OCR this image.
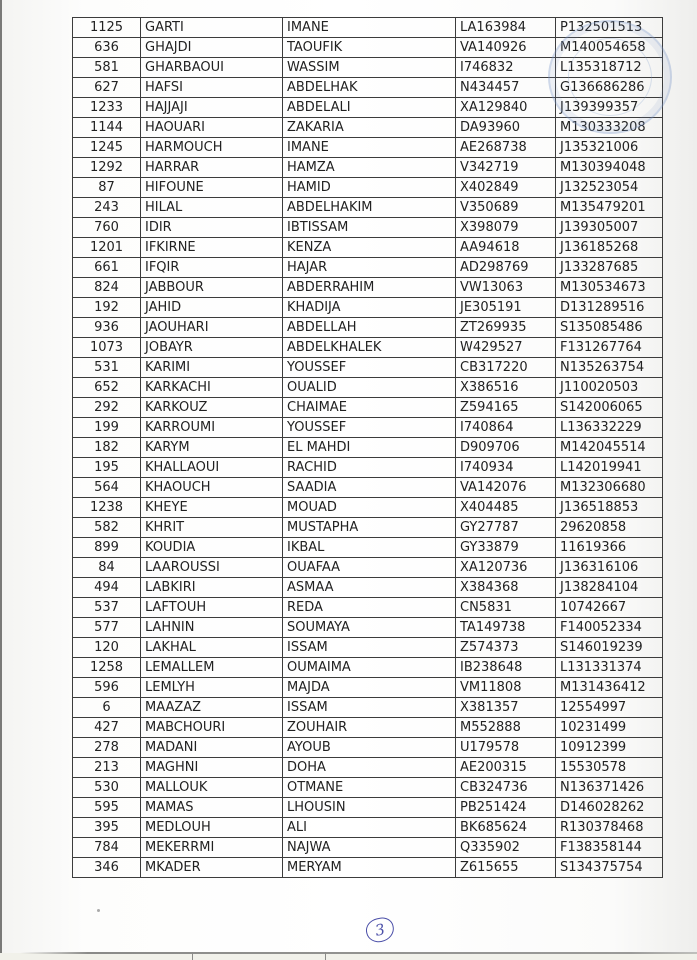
1125	GARTI	IMANE	LA163984	P132501513
636	GHAJDI	TAOUFIK	VA140926	M140054658
581	GHARBAOUI	WASSIM	I746832	L135318712
627	HAFSI	ABDELHAK	N434457	G136686286
1233	HAJJAJI	ABDELALI	XA129840	J139399357
1144	HAOUARI	ZAKARIA	DA93960	M130333208
1245	HARMOUCH	IMANE	AE268738	J135321006
1292	HARRAR	HAMZA	V342719	M130394048
87	HIFOUNE	HAMID	X402849	J132523054
243	HILAL	ABDELHAKIM	V350689	M135479201
760	IDIR	IBTISSAM	X398079	J139305007
1201	IFKIRNE	KENZA	AA94618	J136185268
661	IFQIR	HAJAR	AD298769	J133287685
824	JABBOUR	ABDERRAHIM	VW13063	M130534673
192	JAHID	KHADIJA	JE305191	D131289516
936	JAOUHARI	ABDELLAH	ZT269935	S135085486
1073	JOBAYR	ABDELKHALEK	W429527	F131267764
531	KARIMI	YOUSSEF	CB317220	N135263754
652	KARKACHI	OUALID	X386516	J110020503
292	KARKOUZ	CHAIMAE	Z594165	S142006065
199	KARROUMI	YOUSSEF	I740864	L136332229
182	KARYM	EL MAHDI	D909706	M142045514
195	KHALLAOUI	RACHID	I740934	L142019941
564	KHAOUCH	SAADIA	VA142076	M132306680
1238	KHEYE	MOUAD	X404485	J136518853
582	KHRIT	MUSTAPHA	GY27787	29620858
899	KOUDIA	IKBAL	GY33879	11619366
84	LAAROUSSI	OUAFAA	XA120736	J136316106
494	LABKIRI	ASMAA	X384368	J138284104
537	LAFTOUH	REDA	CN5831	10742667
577	LAHNIN	SOUMAYA	TA149738	F140052334
120	LAKHAL	ISSAM	Z574373	S146019239
1258	LEMALLEM	OUMAIMA	IB238648	L131331374
596	LEMLYH	MAJDA	VM11808	M131436412
6	MAAZAZ	ISSAM	X381357	12554997
427	MABCHOURI	ZOUHAIR	M552888	10231499
278	MADANI	AYOUB	U179578	10912399
213	MAGHNI	DOHA	AE200315	15530578
530	MALLOUK	OTMANE	CB324736	N136371426
595	MAMAS	LHOUSIN	PB251424	D146028262
395	MEDLOUH	ALI	BK685624	R130378468
784	MEKERRMI	NAJWA	Q335902	F138358144
346	MKADER	MERYAM	Z615655	S134375754
3
